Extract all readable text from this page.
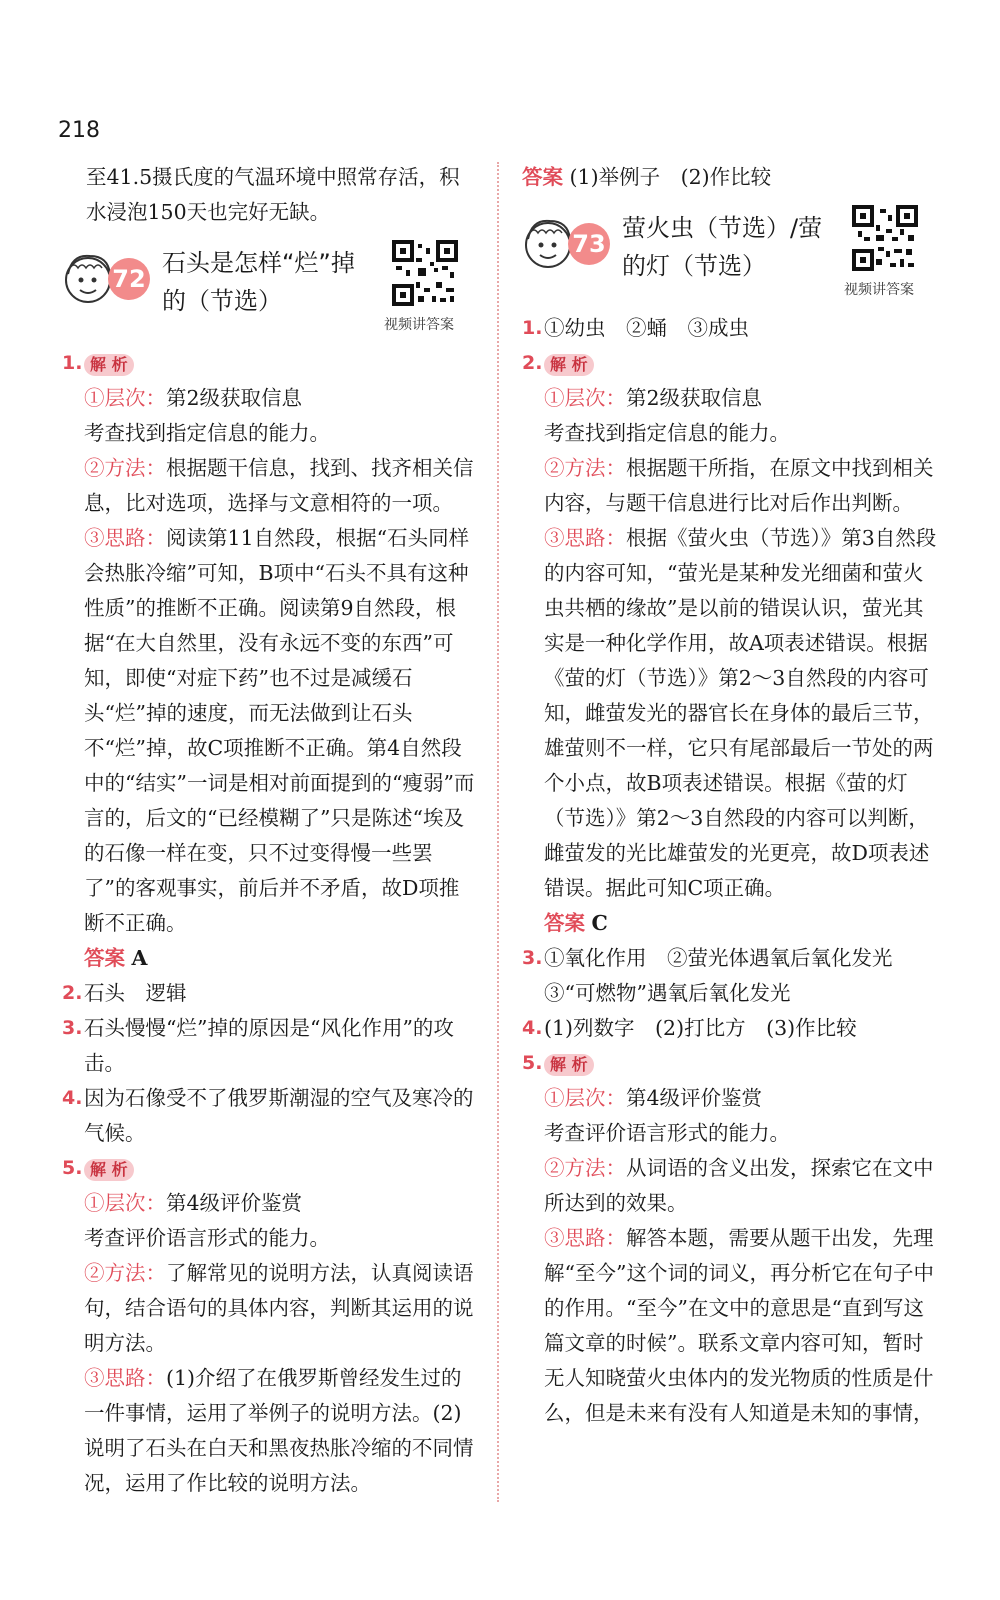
218

至41.5摄氏度的气温环境中照常存活，积水浸泡150天也完好无缺。

72
石头是怎样“烂”掉的（节选）
视频讲答案
1. 解 析

①层次：第2级获取信息

考查找到指定信息的能力。

②方法：根据题干信息，找到、找齐相关信息，比对选项，选择与文意相符的一项。

③思路：阅读第11自然段，根据“石头同样会热胀冷缩”可知，B项中“石头不具有这种性质”的推断不正确。阅读第9自然段，根据“在大自然里，没有永远不变的东西”可知，即使“对症下药”也不过是减缓石头“烂”掉的速度，而无法做到让石头不“烂”掉，故C项推断不正确。第4自然段中的“结实”一词是相对前面提到的“瘦弱”而言的，后文的“已经模糊了”只是陈述“埃及的石像一样在变，只不过变得慢一些罢了”的客观事实，前后并不矛盾，故D项推断不正确。

答案 A

2. 石头　逻辑
3. 石头慢慢“烂”掉的原因是“风化作用”的攻击。
4. 因为石像受不了俄罗斯潮湿的空气及寒冷的气候。
5. 解 析

①层次：第4级评价鉴赏

考查评价语言形式的能力。

②方法：了解常见的说明方法，认真阅读语句，结合语句的具体内容，判断其运用的说明方法。

③思路：(1)介绍了在俄罗斯曾经发生过的一件事情，运用了举例子的说明方法。(2)说明了石头在白天和黑夜热胀冷缩的不同情况，运用了作比较的说明方法。

答案 (1)举例子　(2)作比较

73
萤火虫（节选）/萤的灯（节选）
视频讲答案
1. ①幼虫　②蛹　③成虫
2. 解 析

①层次：第2级获取信息

考查找到指定信息的能力。

②方法：根据题干所指，在原文中找到相关内容，与题干信息进行比对后作出判断。

③思路：根据《萤火虫（节选）》第3自然段的内容可知，“萤光是某种发光细菌和萤火虫共栖的缘故”是以前的错误认识，萤光其实是一种化学作用，故A项表述错误。根据《萤的灯（节选）》第2～3自然段的内容可知，雌萤发光的器官长在身体的最后三节，雄萤则不一样，它只有尾部最后一节处的两个小点，故B项表述错误。根据《萤的灯（节选）》第2～3自然段的内容可以判断，雌萤发的光比雄萤发的光更亮，故D项表述错误。据此可知C项正确。

答案 C

3. ①氧化作用　②萤光体遇氧后氧化发光

③“可燃物”遇氧后氧化发光

4. (1)列数字　(2)打比方　(3)作比较
5. 解 析

①层次：第4级评价鉴赏

考查评价语言形式的能力。

②方法：从词语的含义出发，探索它在文中所达到的效果。

③思路：解答本题，需要从题干出发，先理解“至今”这个词的词义，再分析它在句子中的作用。“至今”在文中的意思是“直到写这篇文章的时候”。联系文章内容可知，暂时无人知晓萤火虫体内的发光物质的性质是什么，但是未来有没有人知道是未知的事情，
